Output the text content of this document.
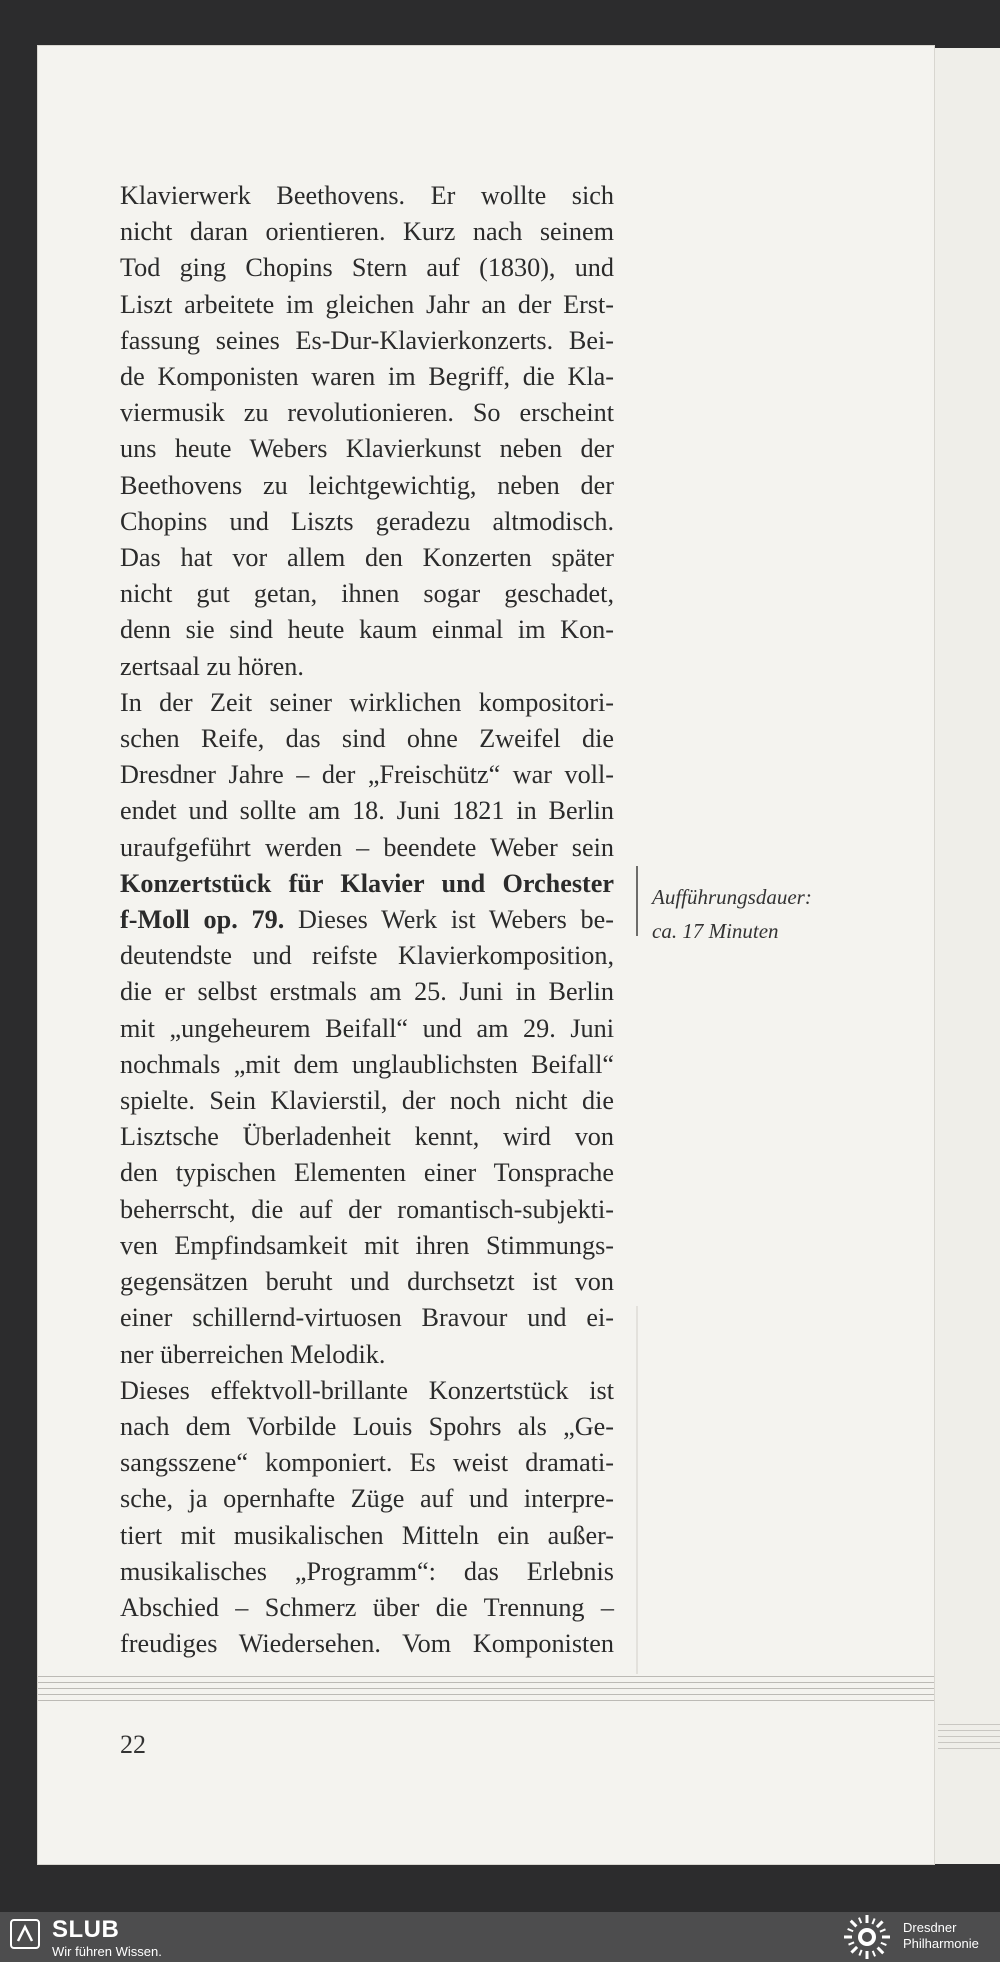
Klavierwerk Beethovens. Er wollte sich
nicht daran orientieren. Kurz nach seinem
Tod ging Chopins Stern auf (1830), und
Liszt arbeitete im gleichen Jahr an der Erst-
fassung seines Es-Dur-Klavierkonzerts. Bei-
de Komponisten waren im Begriff, die Kla-
viermusik zu revolutionieren. So erscheint
uns heute Webers Klavierkunst neben der
Beethovens zu leichtgewichtig, neben der
Chopins und Liszts geradezu altmodisch.
Das hat vor allem den Konzerten später
nicht gut getan, ihnen sogar geschadet,
denn sie sind heute kaum einmal im Kon-
zertsaal zu hören.

In der Zeit seiner wirklichen kompositori-
schen Reife, das sind ohne Zweifel die
Dresdner Jahre – der „Freischütz“ war voll-
endet und sollte am 18. Juni 1821 in Berlin
uraufgeführt werden – beendete Weber sein
Konzertstück für Klavier und Orchester
f-Moll op. 79. Dieses Werk ist Webers be-
deutendste und reifste Klavierkomposition,
die er selbst erstmals am 25. Juni in Berlin
mit „ungeheurem Beifall“ und am 29. Juni
nochmals „mit dem unglaublichsten Beifall“
spielte. Sein Klavierstil, der noch nicht die
Lisztsche Überladenheit kennt, wird von
den typischen Elementen einer Tonsprache
beherrscht, die auf der romantisch-subjekti-
ven Empfindsamkeit mit ihren Stimmungs-
gegensätzen beruht und durchsetzt ist von
einer schillernd-virtuosen Bravour und ei-
ner überreichen Melodik.

Dieses effektvoll-brillante Konzertstück ist
nach dem Vorbilde Louis Spohrs als „Ge-
sangsszene“ komponiert. Es weist dramati-
sche, ja opernhafte Züge auf und interpre-
tiert mit musikalischen Mitteln ein außer-
musikalisches „Programm“: das Erlebnis
Abschied – Schmerz über die Trennung –
freudiges Wiedersehen. Vom Komponisten

Aufführungsdauer:
ca. 17 Minuten
22
SLUB
Wir führen Wissen.
Dresdner
Philharmonie
